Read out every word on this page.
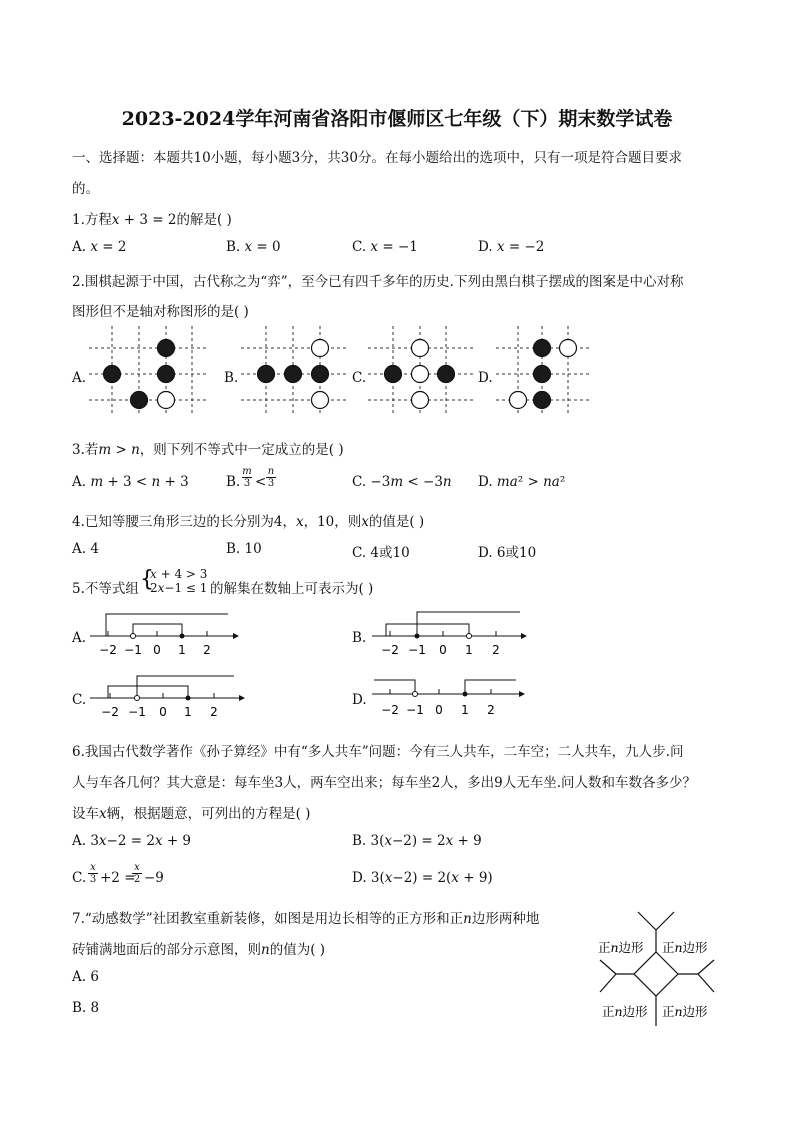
2023-2024学年河南省洛阳市偃师区七年级（下）期末数学试卷
一、选择题：本题共10小题，每小题3分，共30分。在每小题给出的选项中，只有一项是符合题目要求
的。
1.方程𝑥 + 3 = 2的解是( )
A. 𝑥 = 2	B. 𝑥 = 0	C. 𝑥 = −1	D. 𝑥 = −2
2.围棋起源于中国，古代称之为“弈”，至今已有四千多年的历史.下列由黑白棋子摆成的图案是中心对称
图形但不是轴对称图形的是( )
A.	B.	C.	D.
3.若𝑚 > 𝑛，则下列不等式中一定成立的是( )
A. 𝑚 + 3 < 𝑛 + 3	B.
𝑚
3 <
𝑛
3	C. −3𝑚 < −3𝑛 D. 𝑚𝑎² > 𝑛𝑎²
4.已知等腰三角形三边的长分别为4，𝑥，10，则𝑥的值是( )
A. 4	B. 10	C. 4或10	D. 6或10
5.不等式组 {
𝑥 + 4 > 3
2𝑥−1 ≤ 1 的解集在数轴上可表示为( )
A.	B.
C.	D.
−2 −1 0 1 2	−2 −1 0 1 2
−2 −1 0 1 2	−2 −1 0 1 2
6.我国古代数学著作《孙子算经》中有“多人共车”问题：今有三人共车，二车空；二人共车，九人步.问
人与车各几何？其大意是：每车坐3人，两车空出来；每车坐2人，多出9人无车坐.问人数和车数各多少？
设车𝑥辆，根据题意，可列出的方程是( )
A. 3𝑥−2 = 2𝑥 + 9	B. 3(𝑥−2) = 2𝑥 + 9
C.
𝑥
3 +2 =
𝑥
2 −9	D. 3(𝑥−2) = 2(𝑥 + 9)
7.“动感数学”社团教室重新装修，如图是用边长相等的正方形和正𝑛边形两种地
砖铺满地面后的部分示意图，则𝑛的值为( )
A. 6
B. 8
正𝑛边形 正𝑛边形
正𝑛边形 正𝑛边形
